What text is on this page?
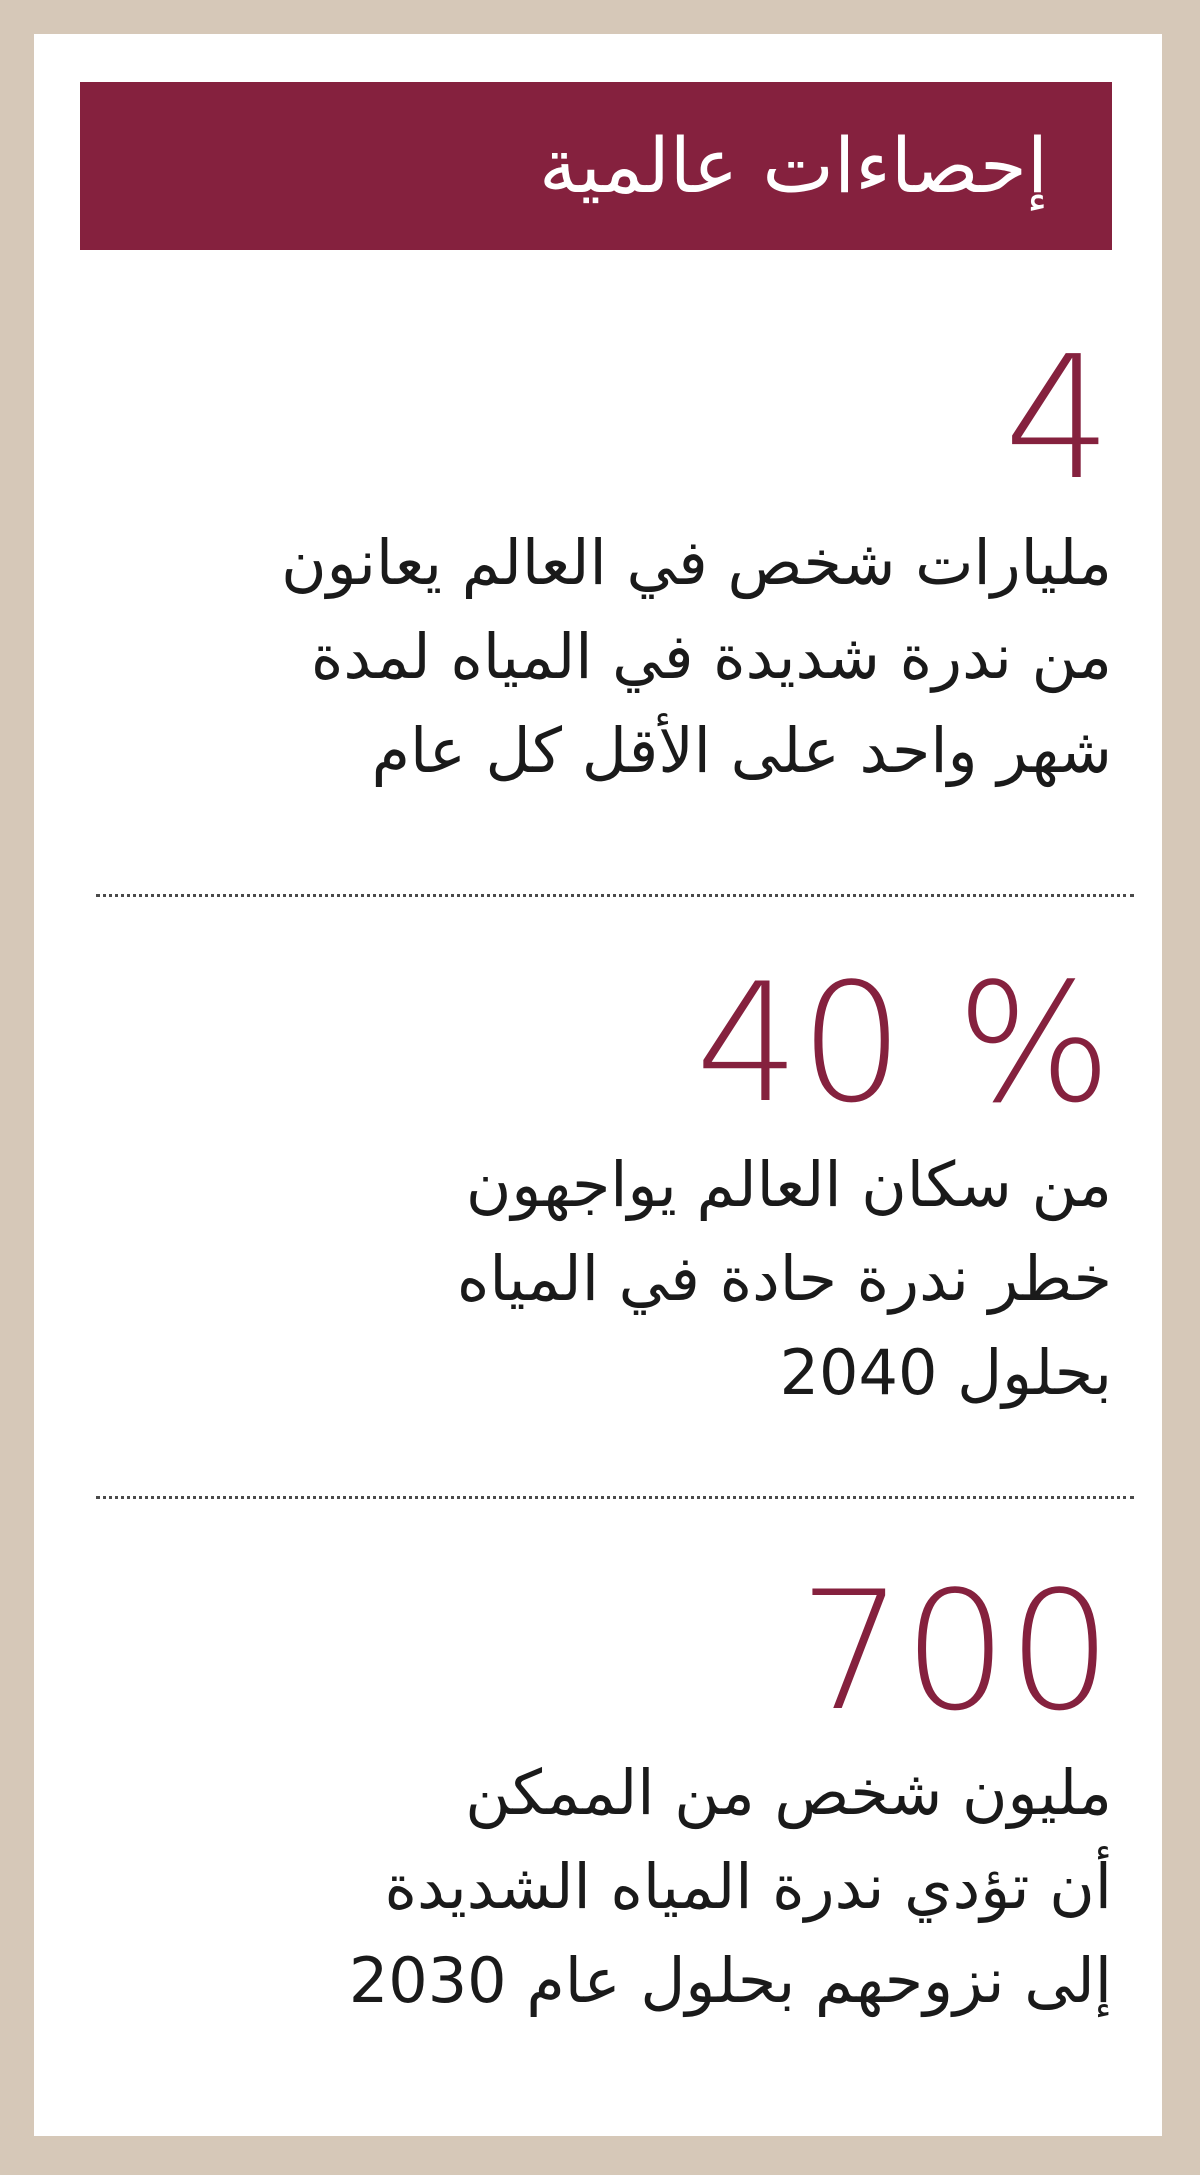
إحصاءات عالمية
4

مليارات شخص في العالم يعانون
من ندرة شديدة في المياه لمدة
شهر واحد على الأقل كل عام

40 %

من سكان العالم يواجهون
خطر ندرة حادة في المياه
بحلول 2040

700

مليون شخص من الممكن
أن تؤدي ندرة المياه الشديدة
إلى نزوحهم بحلول عام 2030
